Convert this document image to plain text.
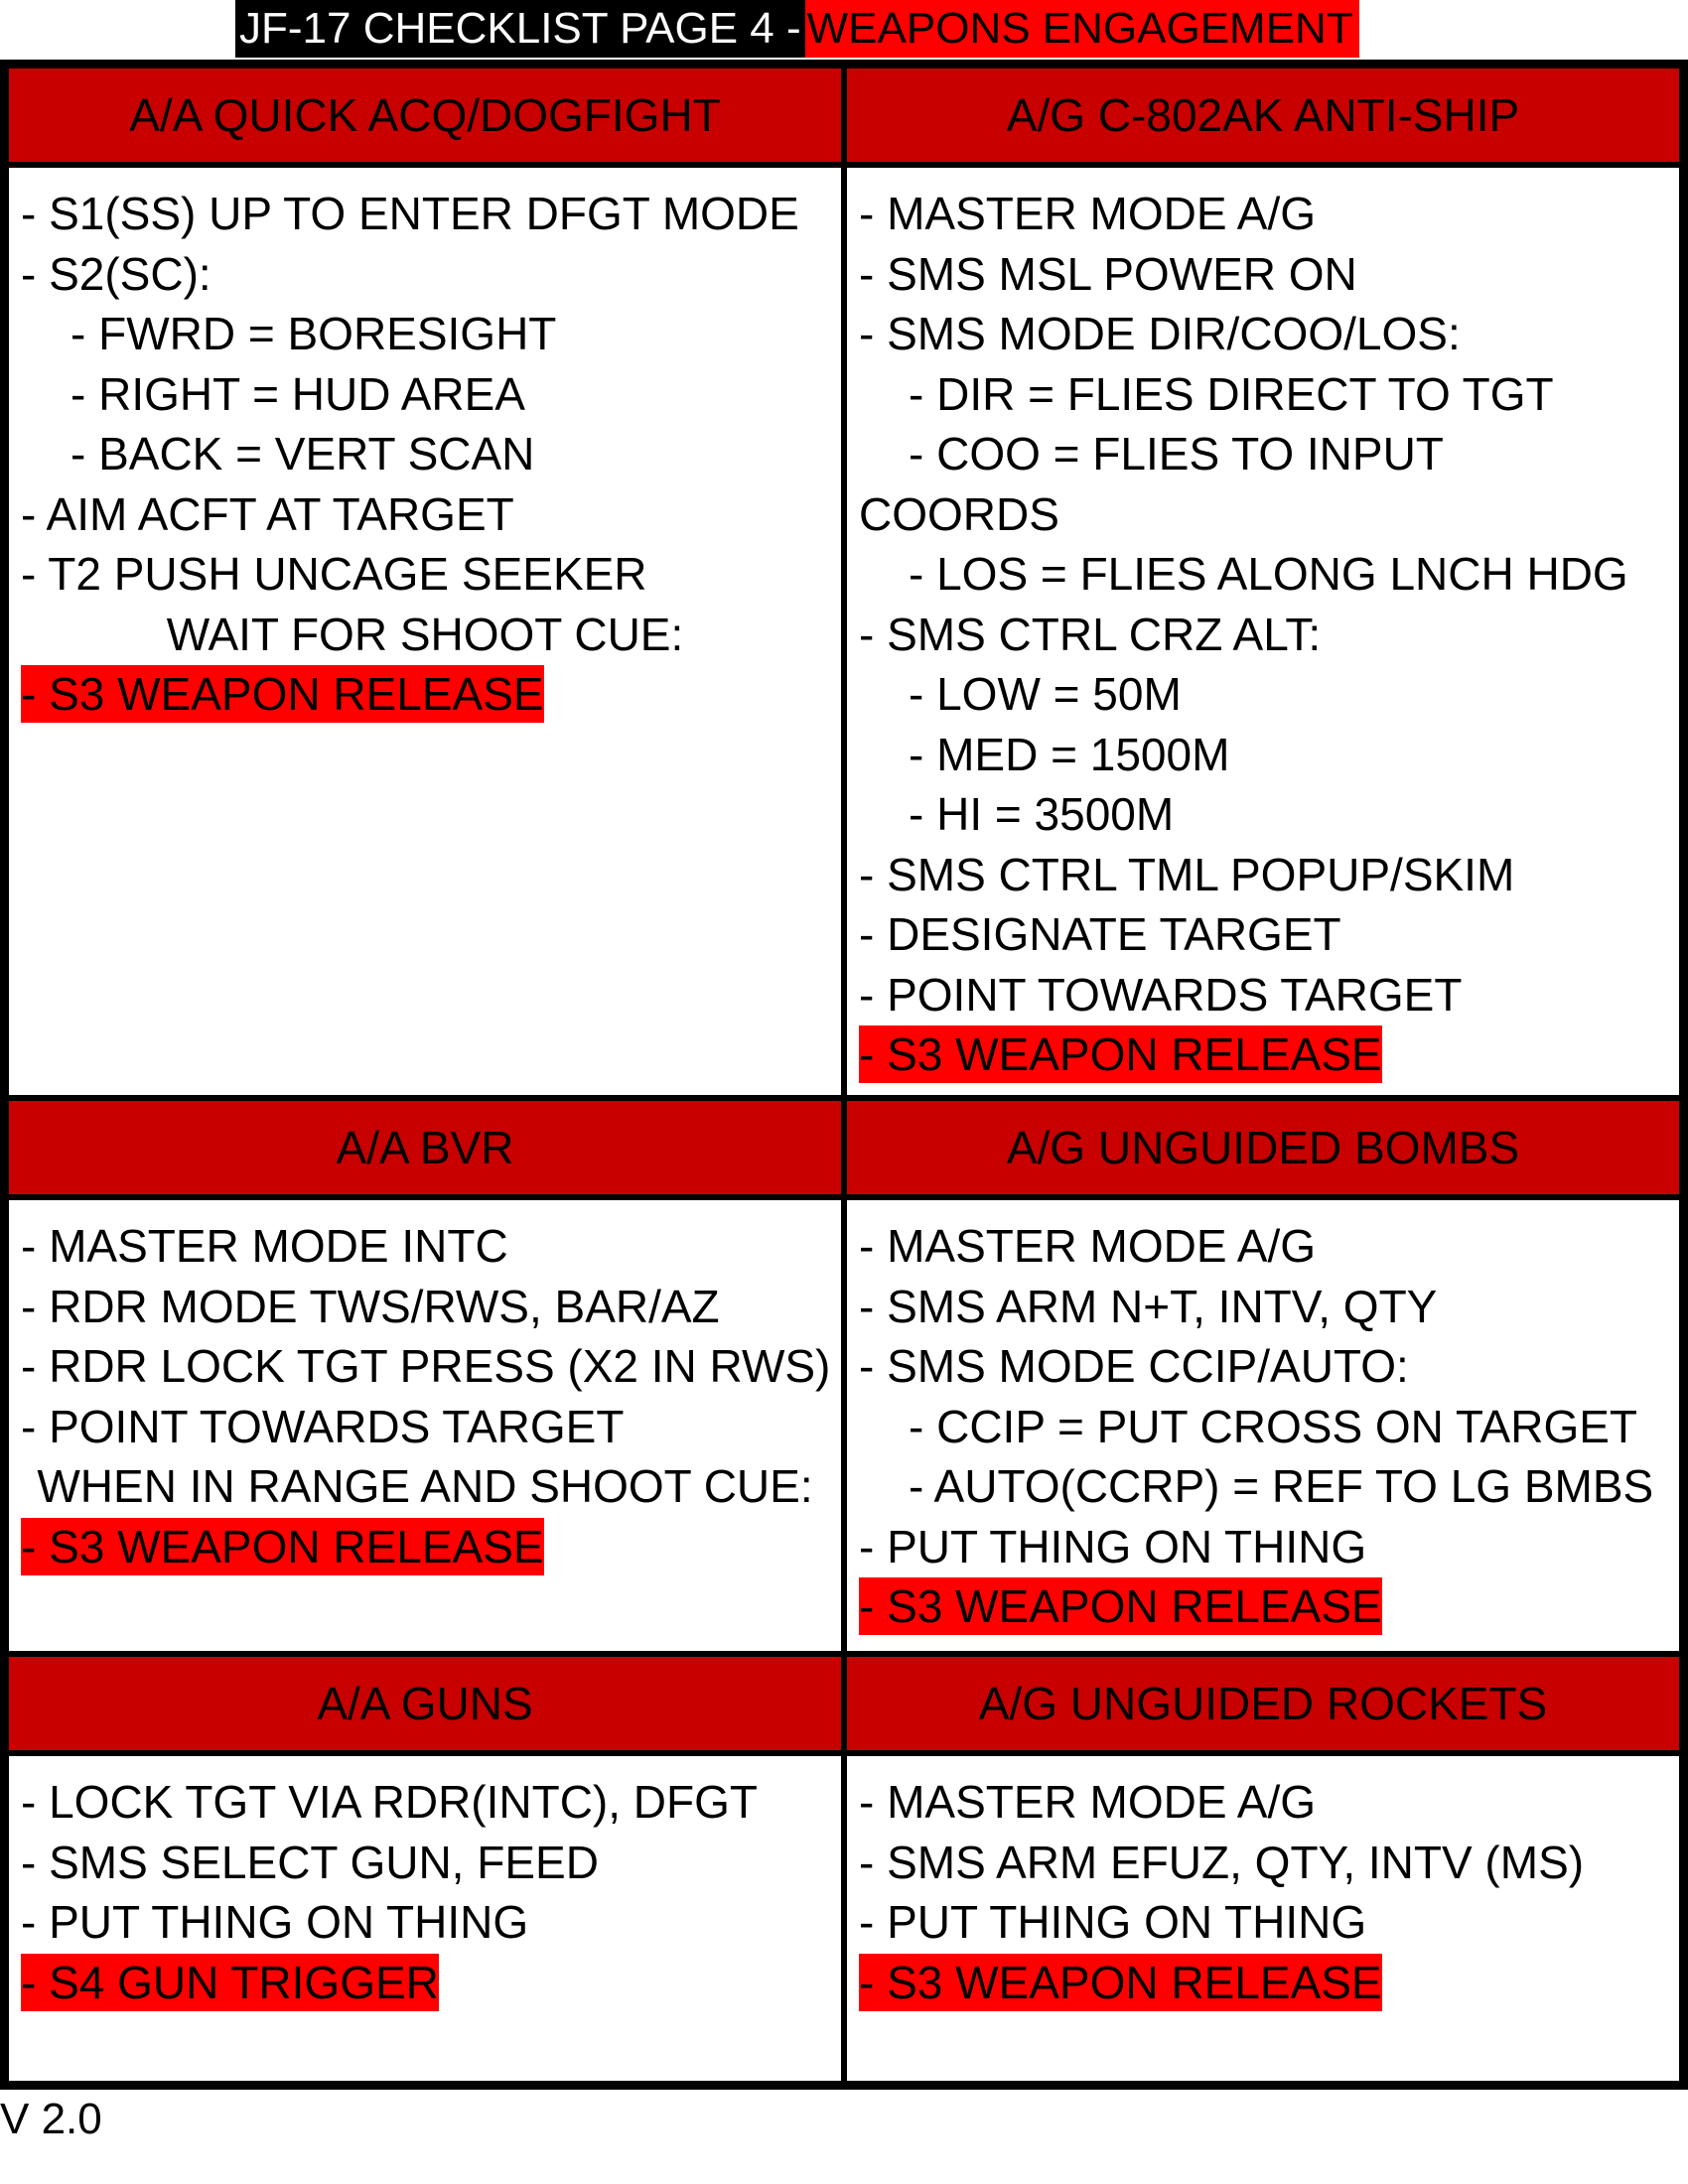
JF-17 CHECKLIST PAGE 4 - WEAPONS ENGAGEMENT
A/A QUICK ACQ/DOGFIGHT	A/G C-802AK ANTI-SHIP
- S1(SS) UP TO ENTER DFGT MODE
- S2(SC):
- FWRD = BORESIGHT
- RIGHT = HUD AREA
- BACK = VERT SCAN
- AIM ACFT AT TARGET
- T2 PUSH UNCAGE SEEKER
WAIT FOR SHOOT CUE:
- S3 WEAPON RELEASE
- MASTER MODE A/G
- SMS MSL POWER ON
- SMS MODE DIR/COO/LOS:
- DIR = FLIES DIRECT TO TGT
- COO = FLIES TO INPUT
COORDS
- LOS = FLIES ALONG LNCH HDG
- SMS CTRL CRZ ALT:
- LOW = 50M
- MED = 1500M
- HI = 3500M
- SMS CTRL TML POPUP/SKIM
- DESIGNATE TARGET
- POINT TOWARDS TARGET
- S3 WEAPON RELEASE
A/A BVR	A/G UNGUIDED BOMBS
- MASTER MODE INTC
- RDR MODE TWS/RWS, BAR/AZ
- RDR LOCK TGT PRESS (X2 IN RWS)
- POINT TOWARDS TARGET
WHEN IN RANGE AND SHOOT CUE:
- S3 WEAPON RELEASE
- MASTER MODE A/G
- SMS ARM N+T, INTV, QTY
- SMS MODE CCIP/AUTO:
- CCIP = PUT CROSS ON TARGET
- AUTO(CCRP) = REF TO LG BMBS
- PUT THING ON THING
- S3 WEAPON RELEASE
A/A GUNS	A/G UNGUIDED ROCKETS
- LOCK TGT VIA RDR(INTC), DFGT
- SMS SELECT GUN, FEED
- PUT THING ON THING
- S4 GUN TRIGGER
- MASTER MODE A/G
- SMS ARM EFUZ, QTY, INTV (MS)
- PUT THING ON THING
- S3 WEAPON RELEASE
V 2.0
